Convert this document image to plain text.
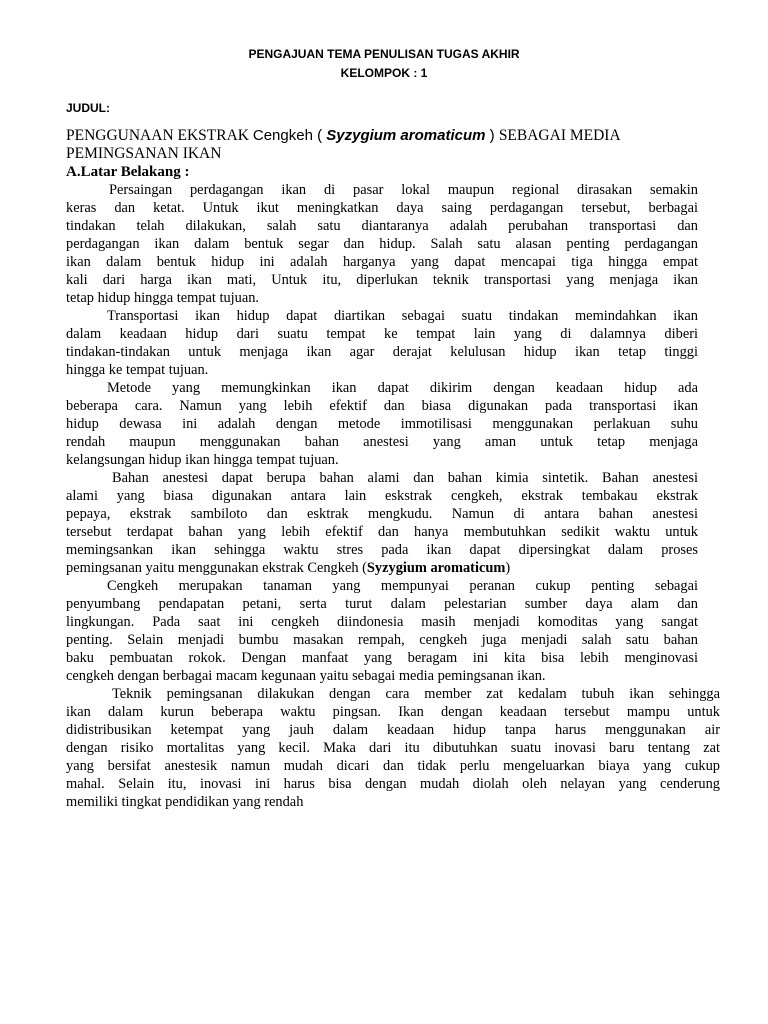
PENGAJUAN TEMA PENULISAN TUGAS AKHIR
KELOMPOK : 1
JUDUL:
PENGGUNAAN EKSTRAK Cengkeh ( Syzygium aromaticum ) SEBAGAI MEDIA
PEMINGSANAN IKAN
A.Latar Belakang :
Persaingan perdagangan ikan di pasar lokal maupun regional dirasakan semakin
keras dan ketat. Untuk ikut meningkatkan daya saing perdagangan tersebut, berbagai
tindakan telah dilakukan, salah satu diantaranya adalah perubahan transportasi dan
perdagangan ikan dalam bentuk segar dan hidup. Salah satu alasan penting perdagangan
ikan dalam bentuk hidup ini adalah harganya yang dapat mencapai tiga hingga empat
kali dari harga ikan mati, Untuk itu, diperlukan teknik transportasi yang menjaga ikan
tetap hidup hingga tempat tujuan.
Transportasi ikan hidup dapat diartikan sebagai suatu tindakan memindahkan ikan
dalam keadaan hidup dari suatu tempat ke tempat lain yang di dalamnya diberi
tindakan-tindakan untuk menjaga ikan agar derajat kelulusan hidup ikan tetap tinggi
hingga ke tempat tujuan.
Metode yang memungkinkan ikan dapat dikirim dengan keadaan hidup ada
beberapa cara. Namun yang lebih efektif dan biasa digunakan pada transportasi ikan
hidup dewasa ini adalah dengan metode immotilisasi menggunakan perlakuan suhu
rendah maupun menggunakan bahan anestesi yang aman untuk tetap menjaga
kelangsungan hidup ikan hingga tempat tujuan.
Bahan anestesi dapat berupa bahan alami dan bahan kimia sintetik. Bahan anestesi
alami yang biasa digunakan antara lain eskstrak cengkeh, ekstrak tembakau ekstrak
pepaya, ekstrak sambiloto dan esktrak mengkudu. Namun di antara bahan anestesi
tersebut terdapat bahan yang lebih efektif dan hanya membutuhkan sedikit waktu untuk
memingsankan ikan sehingga waktu stres pada ikan dapat dipersingkat dalam proses
pemingsanan yaitu menggunakan ekstrak Cengkeh (Syzygium aromaticum)
Cengkeh merupakan tanaman yang mempunyai peranan cukup penting sebagai
penyumbang pendapatan petani, serta turut dalam pelestarian sumber daya alam dan
lingkungan. Pada saat ini cengkeh diindonesia masih menjadi komoditas yang sangat
penting. Selain menjadi bumbu masakan rempah, cengkeh juga menjadi salah satu bahan
baku pembuatan rokok. Dengan manfaat yang beragam ini kita bisa lebih menginovasi
cengkeh dengan berbagai macam kegunaan yaitu sebagai media pemingsanan ikan.
Teknik pemingsanan dilakukan dengan cara member zat kedalam tubuh ikan sehingga
ikan dalam kurun beberapa waktu pingsan. Ikan dengan keadaan tersebut mampu untuk
didistribusikan ketempat yang jauh dalam keadaan hidup tanpa harus menggunakan air
dengan risiko mortalitas yang kecil. Maka dari itu dibutuhkan suatu inovasi baru tentang zat
yang bersifat anestesik namun mudah dicari dan tidak perlu mengeluarkan biaya yang cukup
mahal. Selain itu, inovasi ini harus bisa dengan mudah diolah oleh nelayan yang cenderung
memiliki tingkat pendidikan yang rendah
